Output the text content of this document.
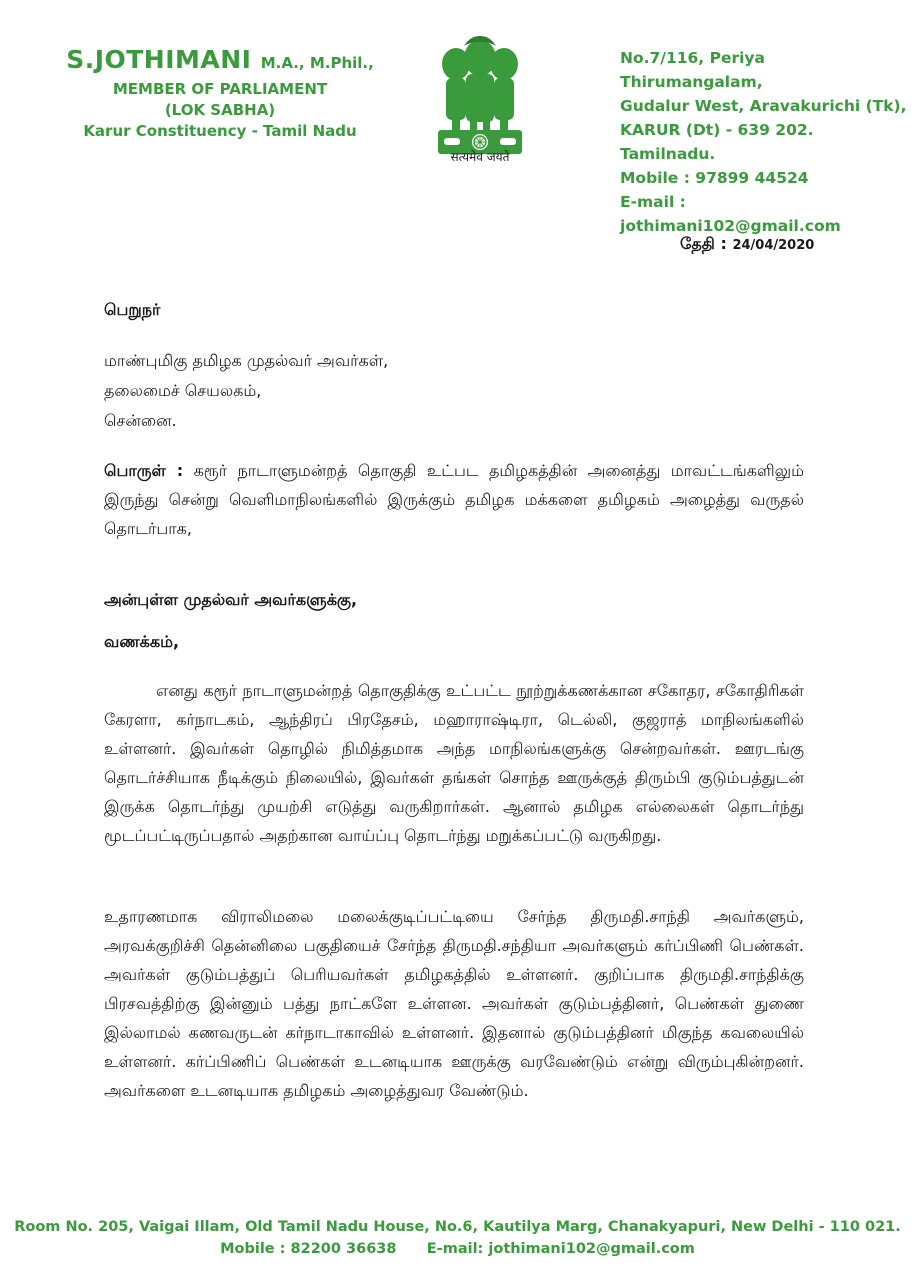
S.JOTHIMANI M.A., M.Phil.,
MEMBER OF PARLIAMENT
(LOK SABHA)
Karur Constituency - Tamil Nadu
सत्यमेव जयते
No.7/116, Periya Thirumangalam,
Gudalur West, Aravakurichi (Tk),
KARUR (Dt) - 639 202. Tamilnadu.
Mobile : 97899 44524
E-mail : jothimani102@gmail.com
தேதி : 24/04/2020
பெறுநர்
மாண்புமிகு தமிழக முதல்வர் அவர்கள்,
தலைமைச் செயலகம்,
சென்னை.
பொருள் : கரூர் நாடாளுமன்றத் தொகுதி உட்பட தமிழகத்தின் அனைத்து மாவட்டங்களிலும் இருந்து சென்று வெளிமாநிலங்களில் இருக்கும் தமிழக மக்களை தமிழகம் அழைத்து வருதல் தொடர்பாக,
அன்புள்ள முதல்வர் அவர்களுக்கு,
வணக்கம்,
எனது கரூர் நாடாளுமன்றத் தொகுதிக்கு உட்பட்ட நூற்றுக்கணக்கான சகோதர, சகோதிரிகள் கேரளா, கர்நாடகம், ஆந்திரப் பிரதேசம், மஹாராஷ்டிரா, டெல்லி, குஜராத் மாநிலங்களில் உள்ளனர். இவர்கள் தொழில் நிமித்தமாக அந்த மாநிலங்களுக்கு சென்றவர்கள். ஊரடங்கு தொடர்ச்சியாக நீடிக்கும் நிலையில், இவர்கள் தங்கள் சொந்த ஊருக்குத் திரும்பி குடும்பத்துடன் இருக்க தொடர்ந்து முயற்சி எடுத்து வருகிறார்கள். ஆனால் தமிழக எல்லைகள் தொடர்ந்து மூடப்பட்டிருப்பதால் அதற்கான வாய்ப்பு தொடர்ந்து மறுக்கப்பட்டு வருகிறது.
உதாரணமாக விராலிமலை மலைக்குடிப்பட்டியை சேர்ந்த திருமதி.சாந்தி அவர்களும், அரவக்குறிச்சி தென்னிலை பகுதியைச் சேர்ந்த திருமதி.சந்தியா அவர்களும் கர்ப்பிணி பெண்கள். அவர்கள் குடும்பத்துப் பெரியவர்கள் தமிழகத்தில் உள்ளனர். குறிப்பாக திருமதி.சாந்திக்கு பிரசவத்திற்கு இன்னும் பத்து நாட்களே உள்ளன. அவர்கள் குடும்பத்தினர், பெண்கள் துணை இல்லாமல் கணவருடன் கர்நாடாகாவில் உள்ளனர். இதனால் குடும்பத்தினர் மிகுந்த கவலையில் உள்ளனர். கர்ப்பிணிப் பெண்கள் உடனடியாக ஊருக்கு வரவேண்டும் என்று விரும்புகின்றனர். அவர்களை உடனடியாக தமிழகம் அழைத்துவர வேண்டும்.
Room No. 205, Vaigai Illam, Old Tamil Nadu House, No.6, Kautilya Marg, Chanakyapuri, New Delhi - 110 021.
Mobile : 82200 36638 E-mail: jothimani102@gmail.com
